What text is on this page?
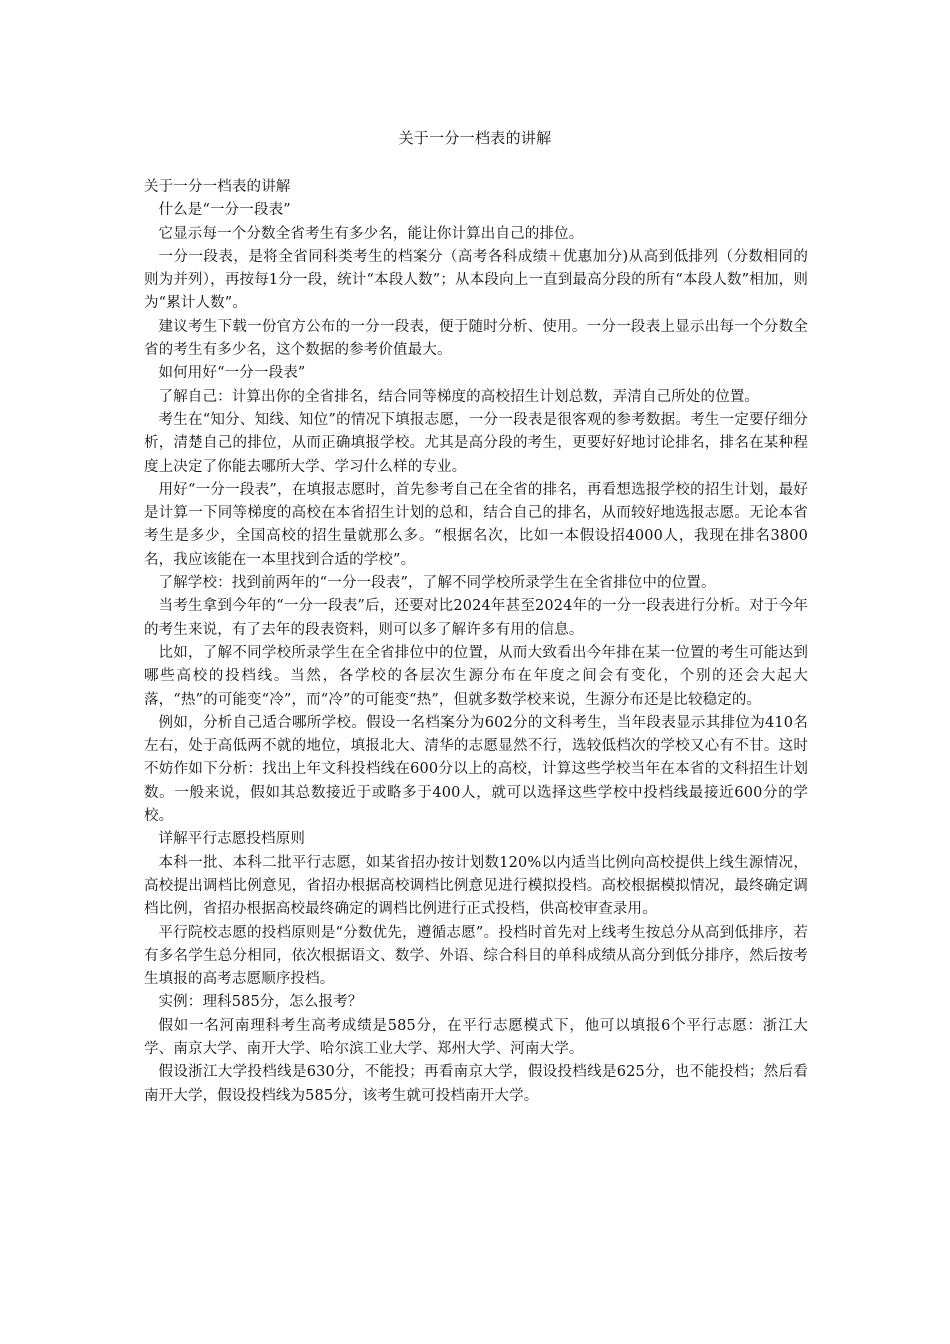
关于一分一档表的讲解

关于一分一档表的讲解

什么是“一分一段表”

它显示每一个分数全省考生有多少名，能让你计算出自己的排位。

一分一段表，是将全省同科类考生的档案分（高考各科成绩＋优惠加分)从高到低排列（分数相同的则为并列），再按每1分一段，统计“本段人数”；从本段向上一直到最高分段的所有“本段人数”相加，则为“累计人数”。

建议考生下载一份官方公布的一分一段表，便于随时分析、使用。一分一段表上显示出每一个分数全省的考生有多少名，这个数据的参考价值最大。

如何用好“一分一段表”

了解自己：计算出你的全省排名，结合同等梯度的高校招生计划总数，弄清自己所处的位置。

考生在“知分、知线、知位”的情况下填报志愿，一分一段表是很客观的参考数据。考生一定要仔细分析，清楚自己的排位，从而正确填报学校。尤其是高分段的考生，更要好好地讨论排名，排名在某种程度上决定了你能去哪所大学、学习什么样的专业。

用好“一分一段表”，在填报志愿时，首先参考自己在全省的排名，再看想选报学校的招生计划，最好是计算一下同等梯度的高校在本省招生计划的总和，结合自己的排名，从而较好地选报志愿。无论本省考生是多少，全国高校的招生量就那么多。“根据名次，比如一本假设招4000人，我现在排名3800名，我应该能在一本里找到合适的学校”。

了解学校：找到前两年的“一分一段表”，了解不同学校所录学生在全省排位中的位置。

当考生拿到今年的“一分一段表”后，还要对比2024年甚至2024年的一分一段表进行分析。对于今年的考生来说，有了去年的段表资料，则可以多了解许多有用的信息。

比如，了解不同学校所录学生在全省排位中的位置，从而大致看出今年排在某一位置的考生可能达到哪些高校的投档线。当然，各学校的各层次生源分布在年度之间会有变化，个别的还会大起大落，“热”的可能变“冷”，而“冷”的可能变“热”，但就多数学校来说，生源分布还是比较稳定的。

例如，分析自己适合哪所学校。假设一名档案分为602分的文科考生，当年段表显示其排位为410名左右，处于高低两不就的地位，填报北大、清华的志愿显然不行，选较低档次的学校又心有不甘。这时不妨作如下分析：找出上年文科投档线在600分以上的高校，计算这些学校当年在本省的文科招生计划数。一般来说，假如其总数接近于或略多于400人，就可以选择这些学校中投档线最接近600分的学校。

详解平行志愿投档原则

本科一批、本科二批平行志愿，如某省招办按计划数120%以内适当比例向高校提供上线生源情况，高校提出调档比例意见，省招办根据高校调档比例意见进行模拟投档。高校根据模拟情况，最终确定调档比例，省招办根据高校最终确定的调档比例进行正式投档，供高校审查录用。

平行院校志愿的投档原则是“分数优先，遵循志愿”。投档时首先对上线考生按总分从高到低排序，若有多名学生总分相同，依次根据语文、数学、外语、综合科目的单科成绩从高分到低分排序，然后按考生填报的高考志愿顺序投档。

实例：理科585分，怎么报考？

假如一名河南理科考生高考成绩是585分，在平行志愿模式下，他可以填报6个平行志愿：浙江大学、南京大学、南开大学、哈尔滨工业大学、郑州大学、河南大学。

假设浙江大学投档线是630分，不能投；再看南京大学，假设投档线是625分，也不能投档；然后看南开大学，假设投档线为585分，该考生就可投档南开大学。
